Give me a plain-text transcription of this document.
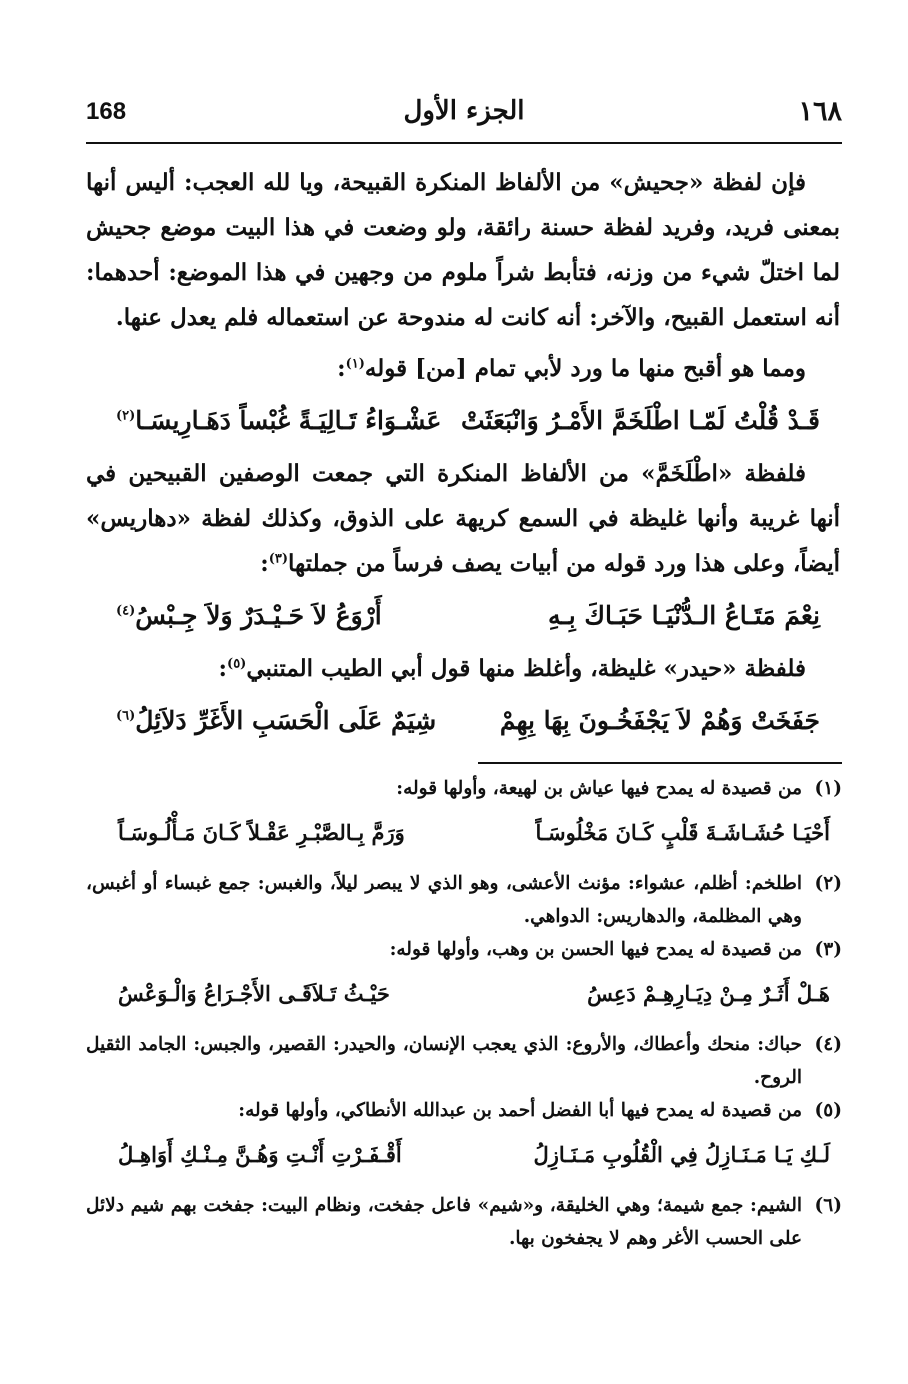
١٦٨
الجزء الأول
168

فإن لفظة «جحيش» من الألفاظ المنكرة القبيحة، ويا لله العجب: أليس أنها بمعنى فريد، وفريد لفظة حسنة رائقة، ولو وضعت في هذا البيت موضع جحيش لما اختلّ شيء من وزنه، فتأبط شراً ملوم من وجهين في هذا الموضع: أحدهما: أنه استعمل القبيح، والآخر: أنه كانت له مندوحة عن استعماله فلم يعدل عنها.

ومما هو أقبح منها ما ورد لأبي تمام [من] قوله$^{(١)}$:

قَـدْ قُلْتُ لَمّـا اطْلَخَمَّ الأَمْـرُ وَانْبَعَثَتْ
عَشْـوَاءُ تَـالِيَـةً غُبْساً دَهَـارِيسَـا$^{(٢)}$

فلفظة «اطْلَخَمَّ» من الألفاظ المنكرة التي جمعت الوصفين القبيحين في أنها غريبة وأنها غليظة في السمع كريهة على الذوق، وكذلك لفظة «دهاريس» أيضاً، وعلى هذا ورد قوله من أبيات يصف فرساً من جملتها$^{(٣)}$:

نِعْمَ مَتَـاعُ الـدُّنْيَـا حَبَـاكَ بِـهِ
أَرْوَعُ لاَ حَـيْـدَرٌ وَلاَ جِـبْسُ$^{(٤)}$

فلفظة «حيدر» غليظة، وأغلظ منها قول أبي الطيب المتنبي$^{(٥)}$:

جَفَخَتْ وَهُمْ لاَ يَجْفَخُـونَ بِهَا بِهِمْ
شِيَمٌ عَلَى الْحَسَبِ الأَغَرِّ دَلاَئِلُ$^{(٦)}$

(١)
من قصيدة له يمدح فيها عياش بن لهيعة، وأولها قوله:

أَحْيَـا حُشَـاشَـةَ قَلْبٍ كَـانَ مَخْلُوسَـاً
وَرَمَّ بِـالصَّبْـرِ عَقْـلاً كَـانَ مَـأْلُـوسَـاً

(٢)
اطلخم: أظلم، عشواء: مؤنث الأعشى، وهو الذي لا يبصر ليلاً، والغبس: جمع غبساء أو أغبس، وهي المظلمة، والدهاريس: الدواهي.

(٣)
من قصيدة له يمدح فيها الحسن بن وهب، وأولها قوله:

هَـلْ أَثَـرٌ مِـنْ دِيَـارِهِـمْ دَعِسُ
حَيْـثُ تَـلاَقَـى الأَجْـرَاعُ وَالْـوَعْسُ

(٤)
حباك: منحك وأعطاك، والأروع: الذي يعجب الإنسان، والحيدر: القصير، والجبس: الجامد الثقيل الروح.

(٥)
من قصيدة له يمدح فيها أبا الفضل أحمد بن عبدالله الأنطاكي، وأولها قوله:

لَـكِ يَـا مَـنَـازِلُ فِي الْقُلُوبِ مَـنَـازِلُ
أَقْـفَـرْتِ أَنْـتِ وَهُـنَّ مِـنْـكِ أَوَاهِـلُ

(٦)
الشيم: جمع شيمة؛ وهي الخليقة، و«شيم» فاعل جفخت، ونظام البيت: جفخت بهم شيم دلائل على الحسب الأغر وهم لا يجفخون بها.
